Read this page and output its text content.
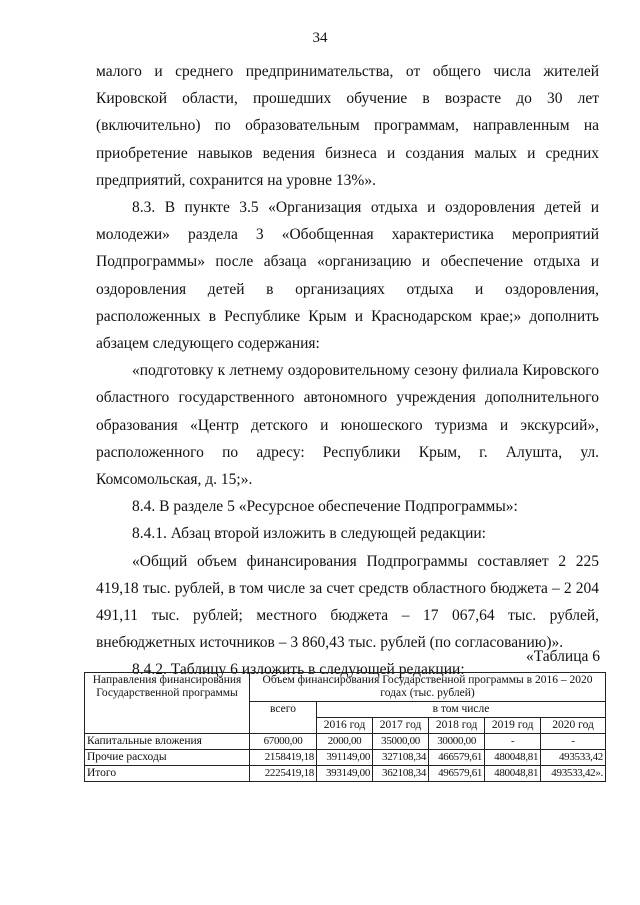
34

малого и среднего предпринимательства, от общего числа жителей Кировской области, прошедших обучение в возрасте до 30 лет (включительно) по образовательным программам, направленным на приобретение навыков ведения бизнеса и создания малых и средних предприятий, сохранится на уровне 13%».

8.3. В пункте 3.5 «Организация отдыха и оздоровления детей и молодежи» раздела 3 «Обобщенная характеристика мероприятий Подпрограммы» после абзаца «организацию и обеспечение отдыха и оздоровления детей в организациях отдыха и оздоровления, расположенных в Республике Крым и Краснодарском крае;» дополнить абзацем следующего содержания:

«подготовку к летнему оздоровительному сезону филиала Кировского областного государственного автономного учреждения дополнительного образования «Центр детского и юношеского туризма и экскурсий», расположенного по адресу: Республики Крым, г. Алушта, ул. Комсомольская, д. 15;».

8.4. В разделе 5 «Ресурсное обеспечение Подпрограммы»:

8.4.1. Абзац второй изложить в следующей редакции:

«Общий объем финансирования Подпрограммы составляет 2 225 419,18 тыс. рублей, в том числе за счет средств областного бюджета – 2 204 491,11 тыс. рублей; местного бюджета – 17 067,64 тыс. рублей, внебюджетных источников – 3 860,43 тыс. рублей (по согласованию)».

8.4.2. Таблицу 6 изложить в следующей редакции:

«Таблица 6
Направления финансирования Государственной программы	Объем финансирования Государственной программы в 2016 – 2020 годах (тыс. рублей)					
	всего	в том числе				
		2016 год	2017 год	2018 год	2019 год	2020 год
Капитальные вложения	67000,00	2000,00	35000,00	30000,00	-	-
Прочие расходы	2158419,18	391149,00	327108,34	466579,61	480048,81	493533,42
Итого	2225419,18	393149,00	362108,34	496579,61	480048,81	493533,42».
